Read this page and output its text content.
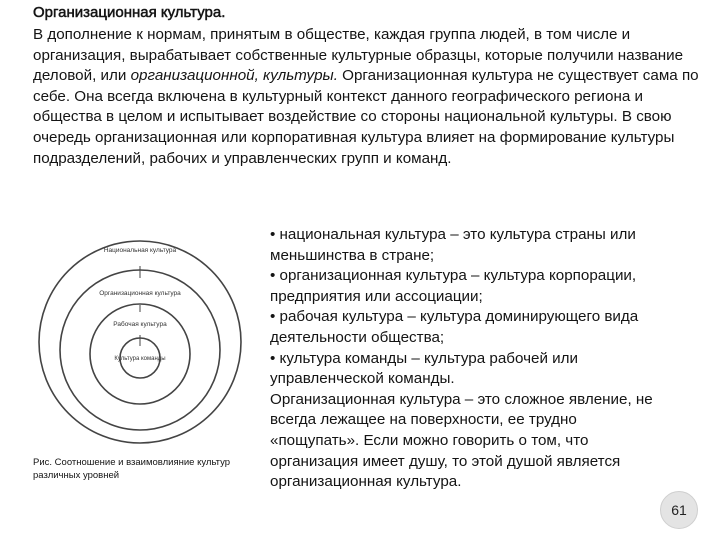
Организационная культура.

В дополнение к нормам, принятым в обществе, каждая группа людей, в том числе и организация, вырабатывает собственные культурные образцы, которые получили название деловой, или организационной, культуры. Организационная культура не существует сама по себе. Она всегда включена в культурный контекст данного географического региона и общества в целом и испытывает воздействие со стороны национальной культуры. В свою очередь организационная или корпоративная культура влияет на формирование культуры подразделений, рабочих и управленческих групп и команд.

Национальная культура
Организационная культура
Рабочая культура
Культура команды
Рис. Соотношение и взаимовлияние культур различных уровней
• национальная культура – это культура страны или
меньшинства в стране;
• организационная культура – культура корпорации,
предприятия или ассоциации;
• рабочая культура – культура доминирующего вида
деятельности общества;
• культура команды – культура рабочей или
управленческой команды.
Организационная культура – это сложное явление, не
всегда лежащее на поверхности, ее трудно
«пощупать». Если можно говорить о том, что
организация имеет душу, то этой душой является
организационная культура.
61
